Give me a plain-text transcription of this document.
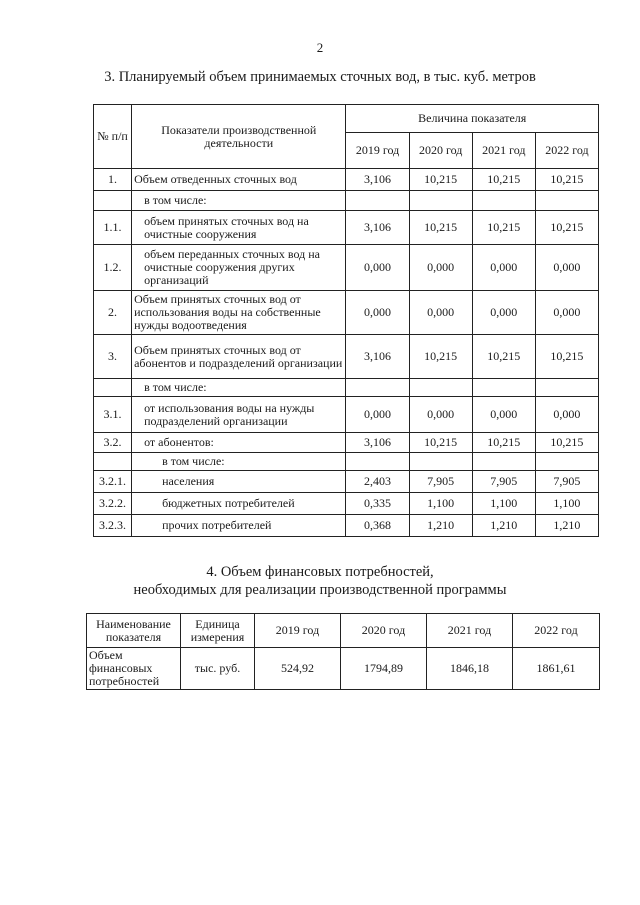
2
3. Планируемый объем принимаемых сточных вод, в тыс. куб. метров
№ п/п	Показатели производственной деятельности	Величина показателя			
		2019 год	2020 год	2021 год	2022 год
1.	Объем отведенных сточных вод	3,106	10,215	10,215	10,215
	в том числе:				
1.1.	объем принятых сточных вод на очистные сооружения	3,106	10,215	10,215	10,215
1.2.	объем переданных сточных вод на очистные сооружения других организаций	0,000	0,000	0,000	0,000
2.	Объем принятых сточных вод от использования воды на собственные нужды водоотведения	0,000	0,000	0,000	0,000
3.	Объем принятых сточных вод от абонентов и подразделений организации	3,106	10,215	10,215	10,215
	в том числе:				
3.1.	от использования воды на нужды подразделений организации	0,000	0,000	0,000	0,000
3.2.	от абонентов:	3,106	10,215	10,215	10,215
	в том числе:				
3.2.1.	населения	2,403	7,905	7,905	7,905
3.2.2.	бюджетных потребителей	0,335	1,100	1,100	1,100
3.2.3.	прочих потребителей	0,368	1,210	1,210	1,210
4. Объем финансовых потребностей,
необходимых для реализации производственной программы
Наименование показателя	Единица измерения	2019 год	2020 год	2021 год	2022 год
Объем финансовых потребностей	тыс. руб.	524,92	1794,89	1846,18	1861,61
